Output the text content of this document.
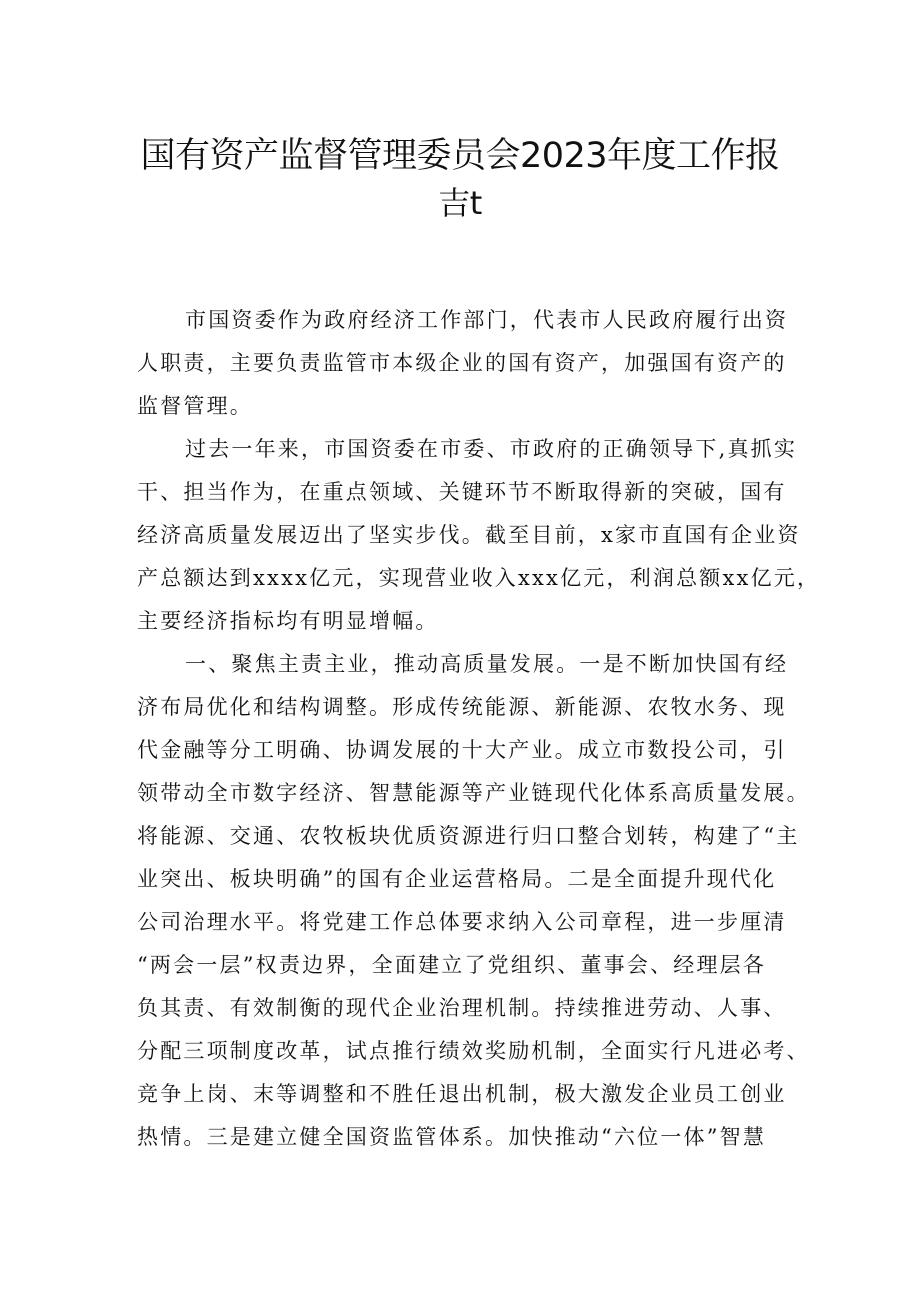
国有资产监督管理委员会2023年度工作报
吉t
市国资委作为政府经济工作部门，代表市人民政府履行出资
人职责，主要负责监管市本级企业的国有资产，加强国有资产的
监督管理。
过去一年来，市国资委在市委、市政府的正确领导下,真抓实
干、担当作为，在重点领域、关键环节不断取得新的突破，国有
经济高质量发展迈出了坚实步伐。截至目前，x家市直国有企业资
产总额达到xxxx亿元，实现营业收入xxx亿元，利润总额xx亿元，
主要经济指标均有明显增幅。
一、聚焦主责主业，推动高质量发展。一是不断加快国有经
济布局优化和结构调整。形成传统能源、新能源、农牧水务、现
代金融等分工明确、协调发展的十大产业。成立市数投公司，引
领带动全市数字经济、智慧能源等产业链现代化体系高质量发展。
将能源、交通、农牧板块优质资源进行归口整合划转，构建了“主
业突出、板块明确”的国有企业运营格局。二是全面提升现代化
公司治理水平。将党建工作总体要求纳入公司章程，进一步厘清
“两会一层”权责边界，全面建立了党组织、董事会、经理层各
负其责、有效制衡的现代企业治理机制。持续推进劳动、人事、
分配三项制度改革，试点推行绩效奖励机制，全面实行凡进必考、
竞争上岗、末等调整和不胜任退出机制，极大激发企业员工创业
热情。三是建立健全国资监管体系。加快推动“六位一体”智慧
